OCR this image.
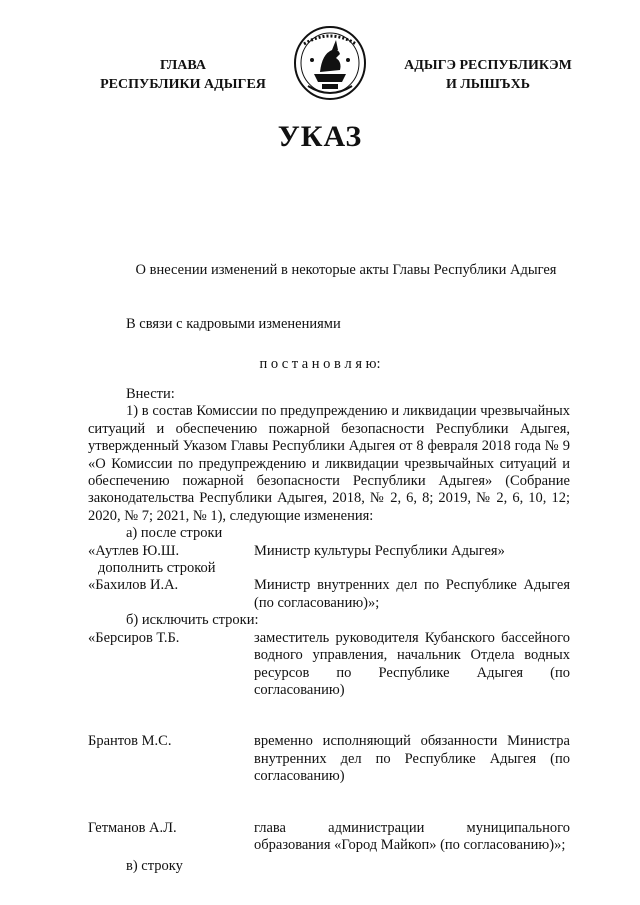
ГЛАВА
РЕСПУБЛИКИ АДЫГЕЯ
АДЫГЭ РЕСПУБЛИКЭМ
И ЛЫШЪХЬ
УКАЗ
О внесении изменений в некоторые акты Главы Республики Адыгея
В связи с кадровыми изменениями
п о с т а н о в л я ю:

Внести:

1) в состав Комиссии по предупреждению и ликвидации чрезвычайных ситуаций и обеспечению пожарной безопасности Республики Адыгея, утвержденный Указом Главы Республики Адыгея от 8 февраля 2018 года № 9 «О Комиссии по предупреждению и ликвидации чрезвычайных ситуаций и обеспечению пожарной безопасности Республики Адыгея» (Собрание законодательства Республики Адыгея, 2018, № 2, 6, 8; 2019, № 2, 6, 10, 12; 2020, № 7; 2021, № 1), следующие изменения:

а) после строки

«Аутлев Ю.Ш.	Министр культуры Республики Адыгея»

дополнить строкой

«Бахилов И.А.	Министр внутренних дел по Республике Адыгея (по согласованию)»;

б) исключить строки:

«Берсиров Т.Б.	заместитель руководителя Кубанского бассейного водного управления, начальник Отдела водных ресурсов по Республике Адыгея (по согласованию)
Брантов М.С.	временно исполняющий обязанности Министра внутренних дел по Республике Адыгея (по согласованию)
Гетманов А.Л.	глава администрации муниципального образования «Город Майкоп» (по согласованию)»;

в) строку
